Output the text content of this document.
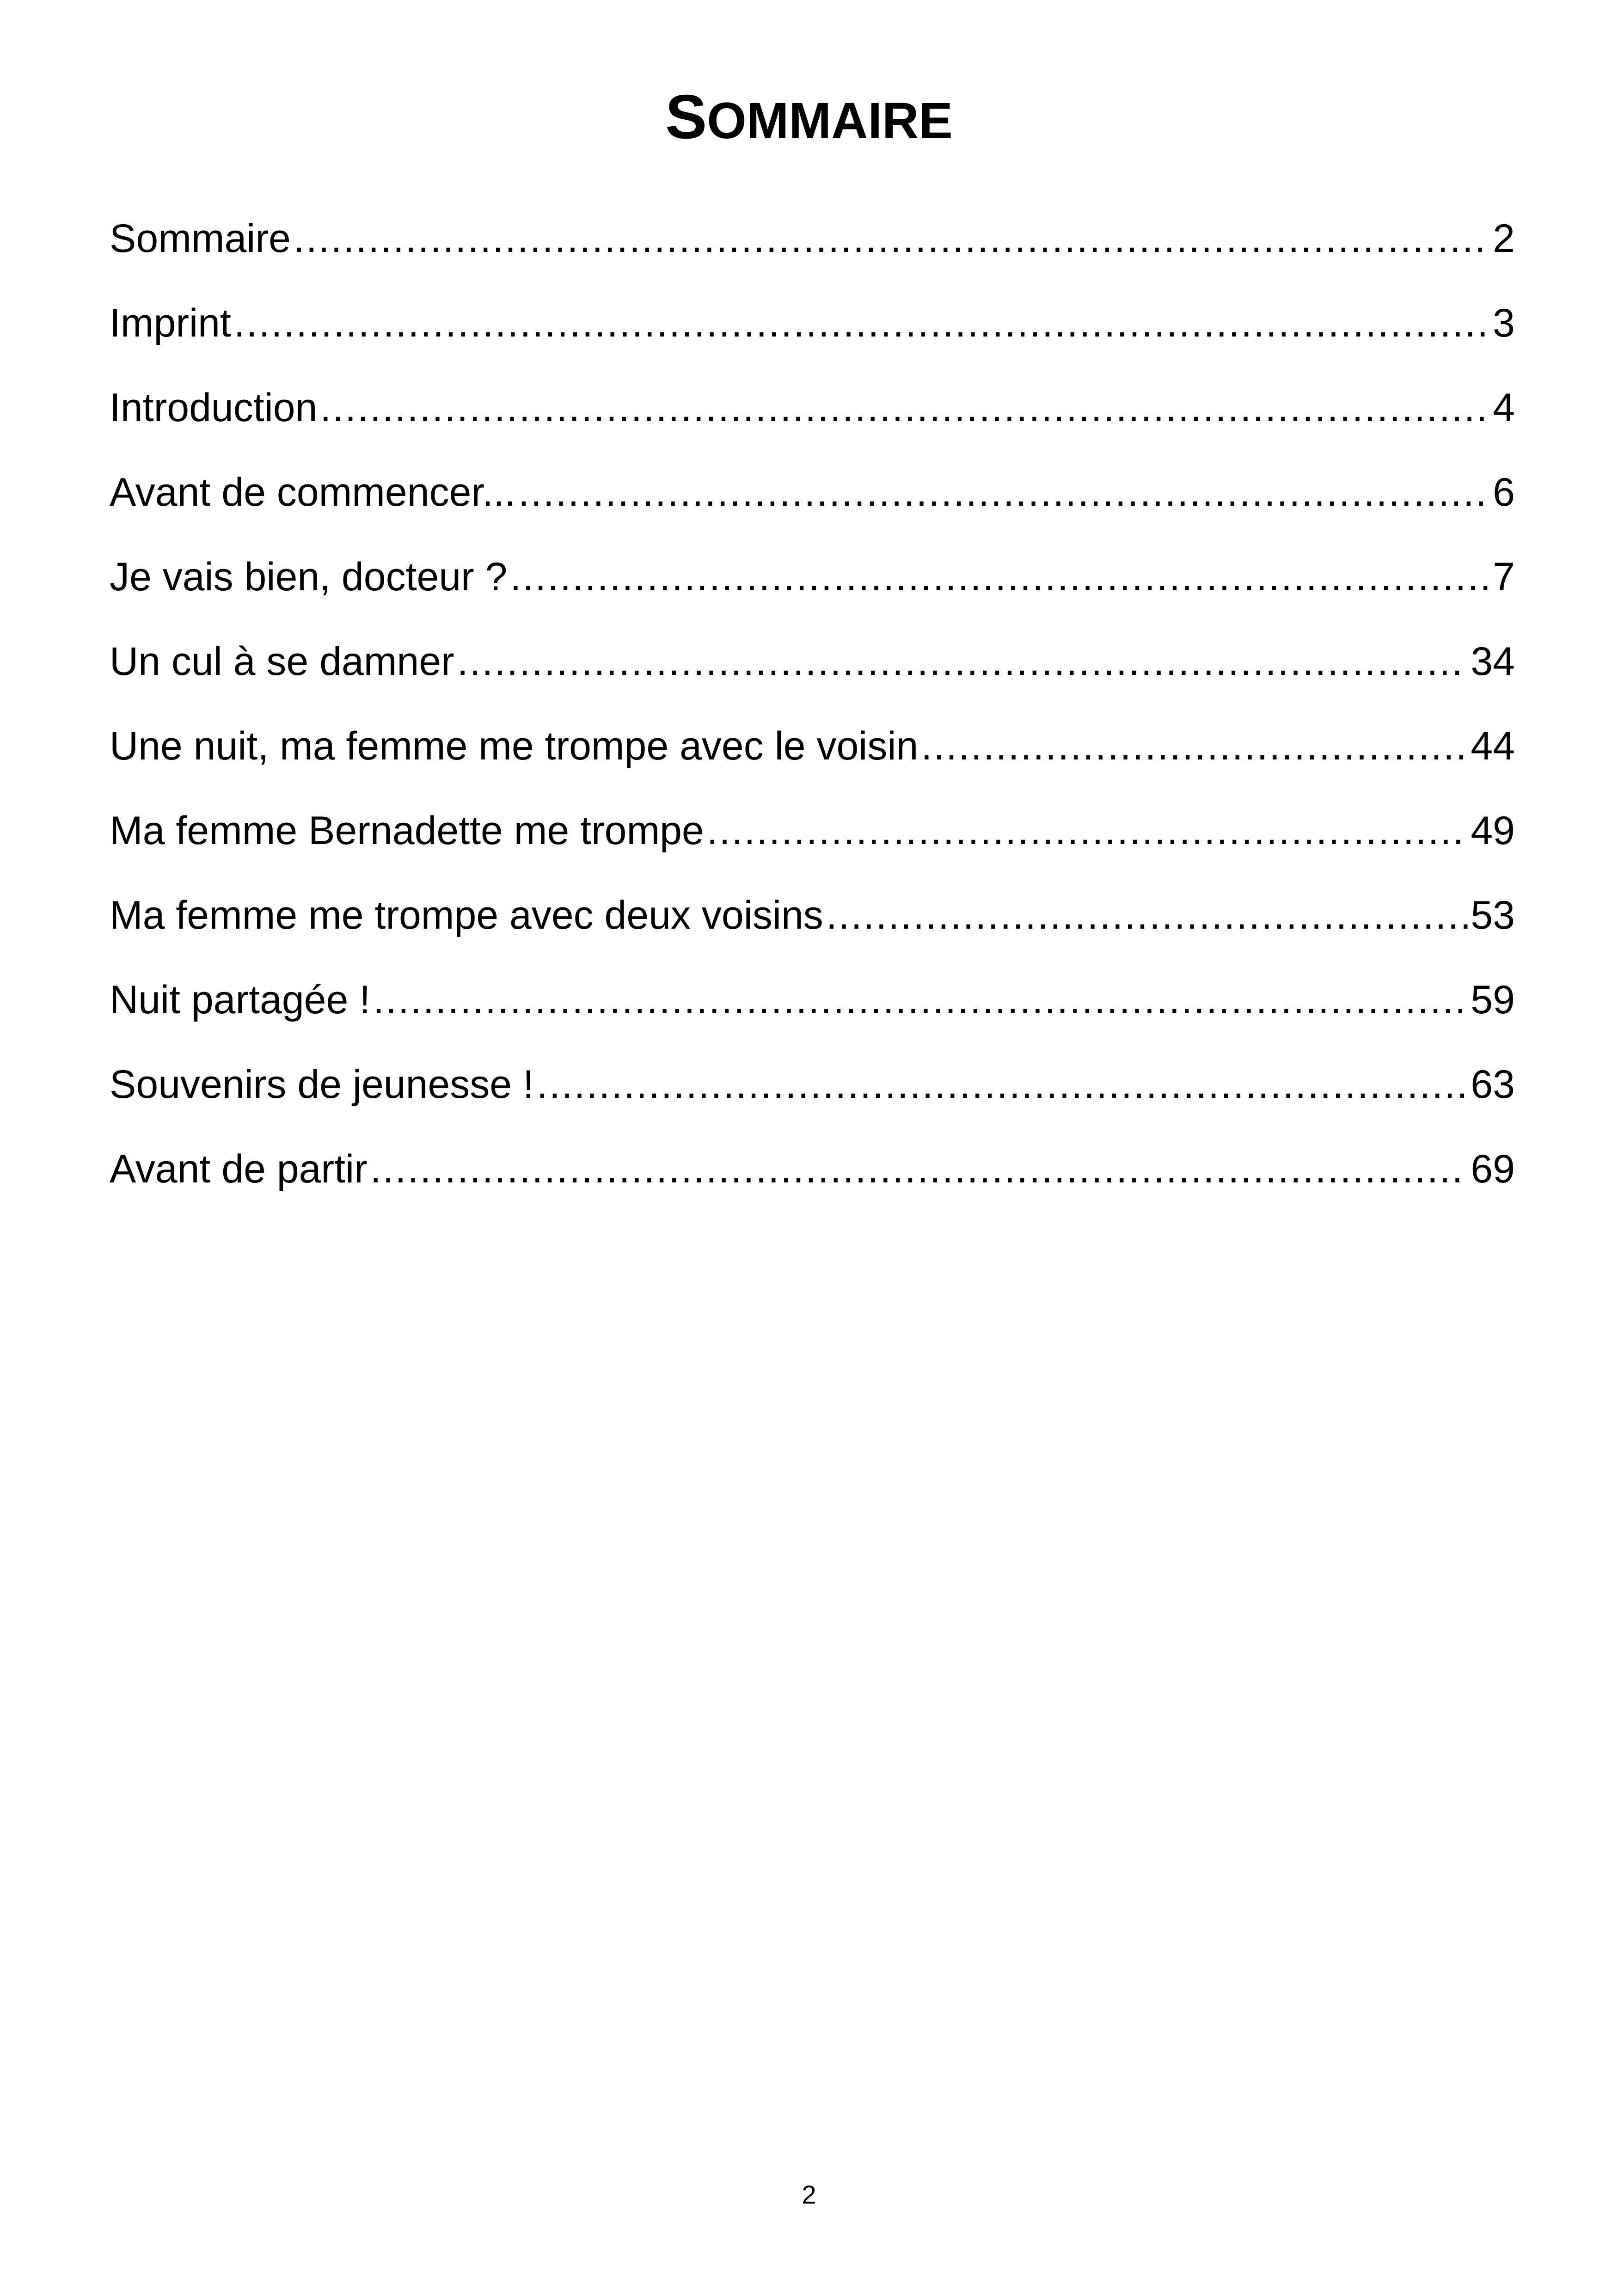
SOMMAIRE
Sommaire .....	2
Imprint .....	3
Introduction .....	4
Avant de commencer... .....	6
Je vais bien, docteur ? .....	7
Un cul à se damner .....	34
Une nuit, ma femme me trompe avec le voisin .....	44
Ma femme Bernadette me trompe .....	49
Ma femme me trompe avec deux voisins .....	53
Nuit partagée ! .....	59
Souvenirs de jeunesse ! .....	63
Avant de partir .....	69
2
